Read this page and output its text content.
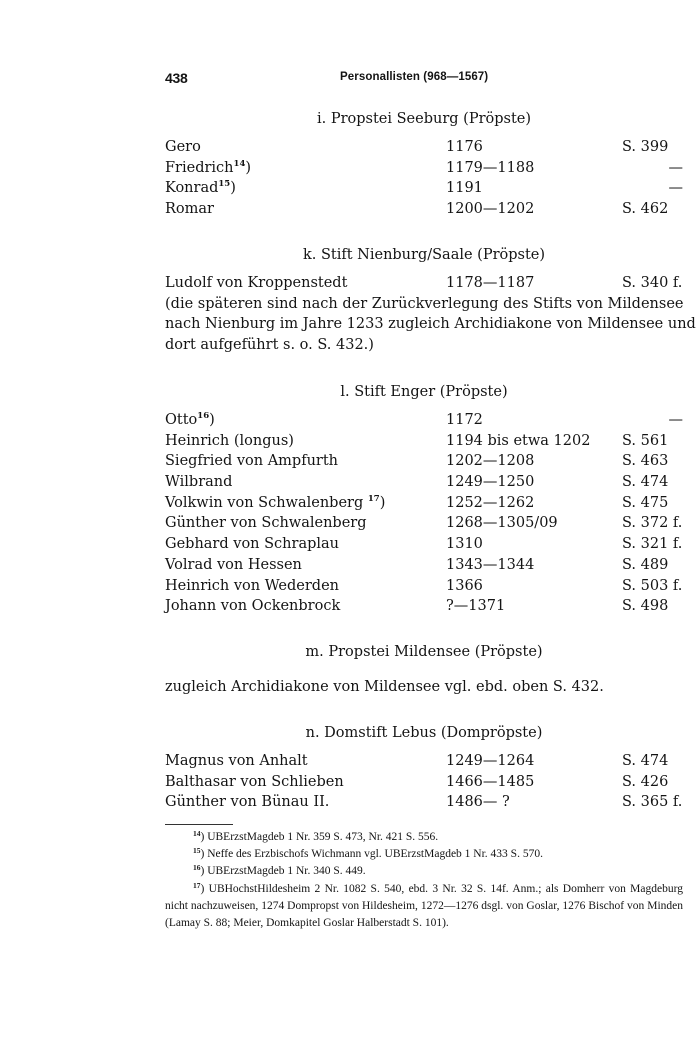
438	Personallisten (968—1567)
i. Propstei Seeburg (Pröpste)
Gero	1176	S. 399
Friedrich$^{14}$)	1179—1188	—
Konrad$^{15}$)	1191	—
Romar	1200—1202	S. 462
k. Stift Nienburg/Saale (Pröpste)
Ludolf von Kroppenstedt	1178—1187	S. 340 f.
(die späteren sind nach der Zurückverlegung des Stifts von Mildensee
nach Nienburg im Jahre 1233 zugleich Archidiakone von Mildensee und
dort aufgeführt s. o. S. 432.)
l. Stift Enger (Pröpste)
Otto$^{16}$)	1172	—
Heinrich (longus)	1194 bis etwa 1202 S. 561
Siegfried von Ampfurth	1202—1208	S. 463
Wilbrand	1249—1250	S. 474
Volkwin von Schwalenberg $^{17}$)	1252—1262	S. 475
Günther von Schwalenberg	1268—1305/09	S. 372 f.
Gebhard von Schraplau	1310	S. 321 f.
Volrad von Hessen	1343—1344	S. 489
Heinrich von Wederden	1366	S. 503 f.
Johann von Ockenbrock	?—1371	S. 498
m. Propstei Mildensee (Pröpste)
zugleich Archidiakone von Mildensee vgl. ebd. oben S. 432.
n. Domstift Lebus (Dompröpste)
Magnus von Anhalt	1249—1264	S. 474
Balthasar von Schlieben	1466—1485	S. 426
Günther von Bünau II.	1486— ?	S. 365 f.
$^{14}$) UBErzstMagdeb 1 Nr. 359 S. 473, Nr. 421 S. 556.
$^{15}$) Neffe des Erzbischofs Wichmann vgl. UBErzstMagdeb 1 Nr. 433 S. 570.
$^{16}$) UBErzstMagdeb 1 Nr. 340 S. 449.
$^{17}$) UBHochstHildesheim 2 Nr. 1082 S. 540, ebd. 3 Nr. 32 S. 14f. Anm.; als Domherr von Magdeburg nicht nachzuweisen, 1274 Dompropst von Hildesheim, 1272—1276 dsgl. von Goslar, 1276 Bischof von Minden (Lamay S. 88; Meier, Domkapitel Goslar Halberstadt S. 101).
